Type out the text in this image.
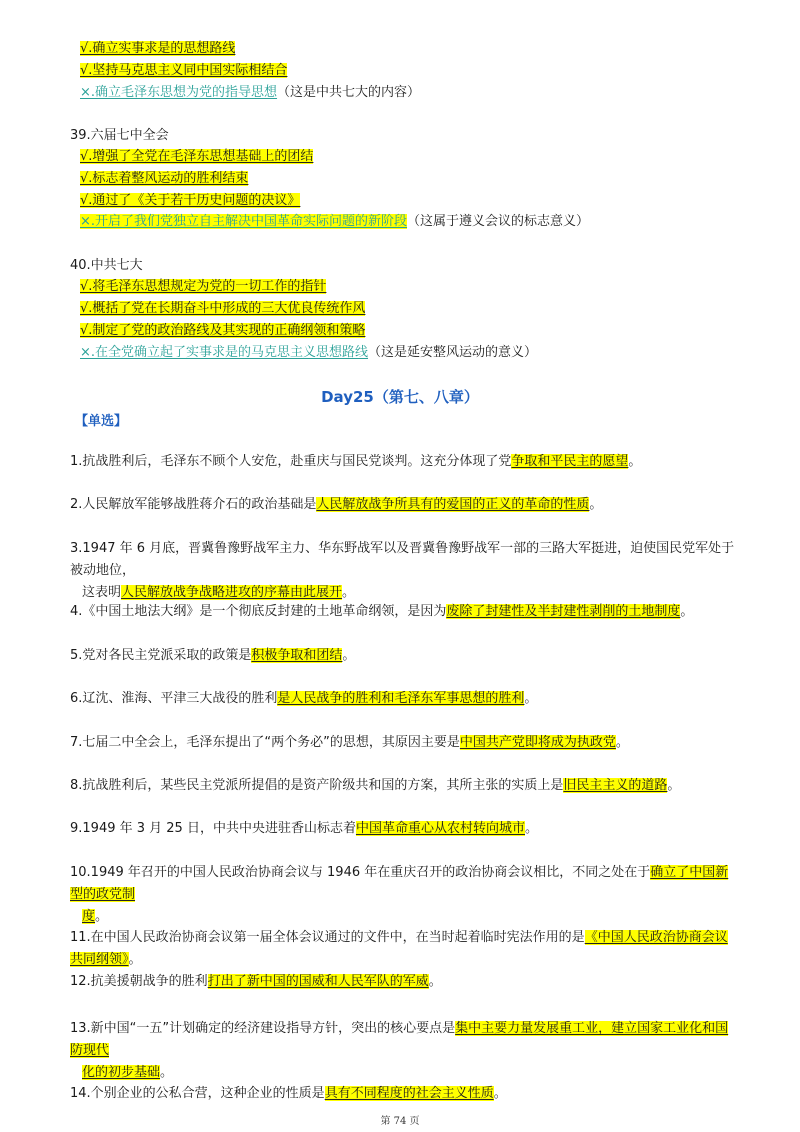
√.确立实事求是的思想路线
√.坚持马克思主义同中国实际相结合
×.确立毛泽东思想为党的指导思想（这是中共七大的内容）
39.六届七中全会
√.增强了全党在毛泽东思想基础上的团结
√.标志着整风运动的胜利结束
√.通过了《关于若干历史问题的决议》
×.开启了我们党独立自主解决中国革命实际问题的新阶段（这属于遵义会议的标志意义）
40.中共七大
√.将毛泽东思想规定为党的一切工作的指针
√.概括了党在长期奋斗中形成的三大优良传统作风
√.制定了党的政治路线及其实现的正确纲领和策略
×.在全党确立起了实事求是的马克思主义思想路线（这是延安整风运动的意义）
Day25（第七、八章）
【单选】
1.抗战胜利后，毛泽东不顾个人安危，赴重庆与国民党谈判。这充分体现了党争取和平民主的愿望。
2.人民解放军能够战胜蒋介石的政治基础是人民解放战争所具有的爱国的正义的革命的性质。
3.1947 年 6 月底，晋冀鲁豫野战军主力、华东野战军以及晋冀鲁豫野战军一部的三路大军挺进，迫使国民党军处于被动地位，
这表明人民解放战争战略进攻的序幕由此展开。
4.《中国土地法大纲》是一个彻底反封建的土地革命纲领，是因为废除了封建性及半封建性剥削的土地制度。
5.党对各民主党派采取的政策是积极争取和团结。
6.辽沈、淮海、平津三大战役的胜利是人民战争的胜利和毛泽东军事思想的胜利。
7.七届二中全会上，毛泽东提出了“两个务必”的思想，其原因主要是中国共产党即将成为执政党。
8.抗战胜利后，某些民主党派所提倡的是资产阶级共和国的方案，其所主张的实质上是旧民主主义的道路。
9.1949 年 3 月 25 日，中共中央进驻香山标志着中国革命重心从农村转向城市。
10.1949 年召开的中国人民政治协商会议与 1946 年在重庆召开的政治协商会议相比，不同之处在于确立了中国新型的政党制
度。
11.在中国人民政治协商会议第一届全体会议通过的文件中，在当时起着临时宪法作用的是《中国人民政治协商会议共同纲领》。
12.抗美援朝战争的胜利打出了新中国的国威和人民军队的军威。
13.新中国“一五”计划确定的经济建设指导方针，突出的核心要点是集中主要力量发展重工业，建立国家工业化和国防现代
化的初步基础。
14.个别企业的公私合营，这种企业的性质是具有不同程度的社会主义性质。
第 74 页
